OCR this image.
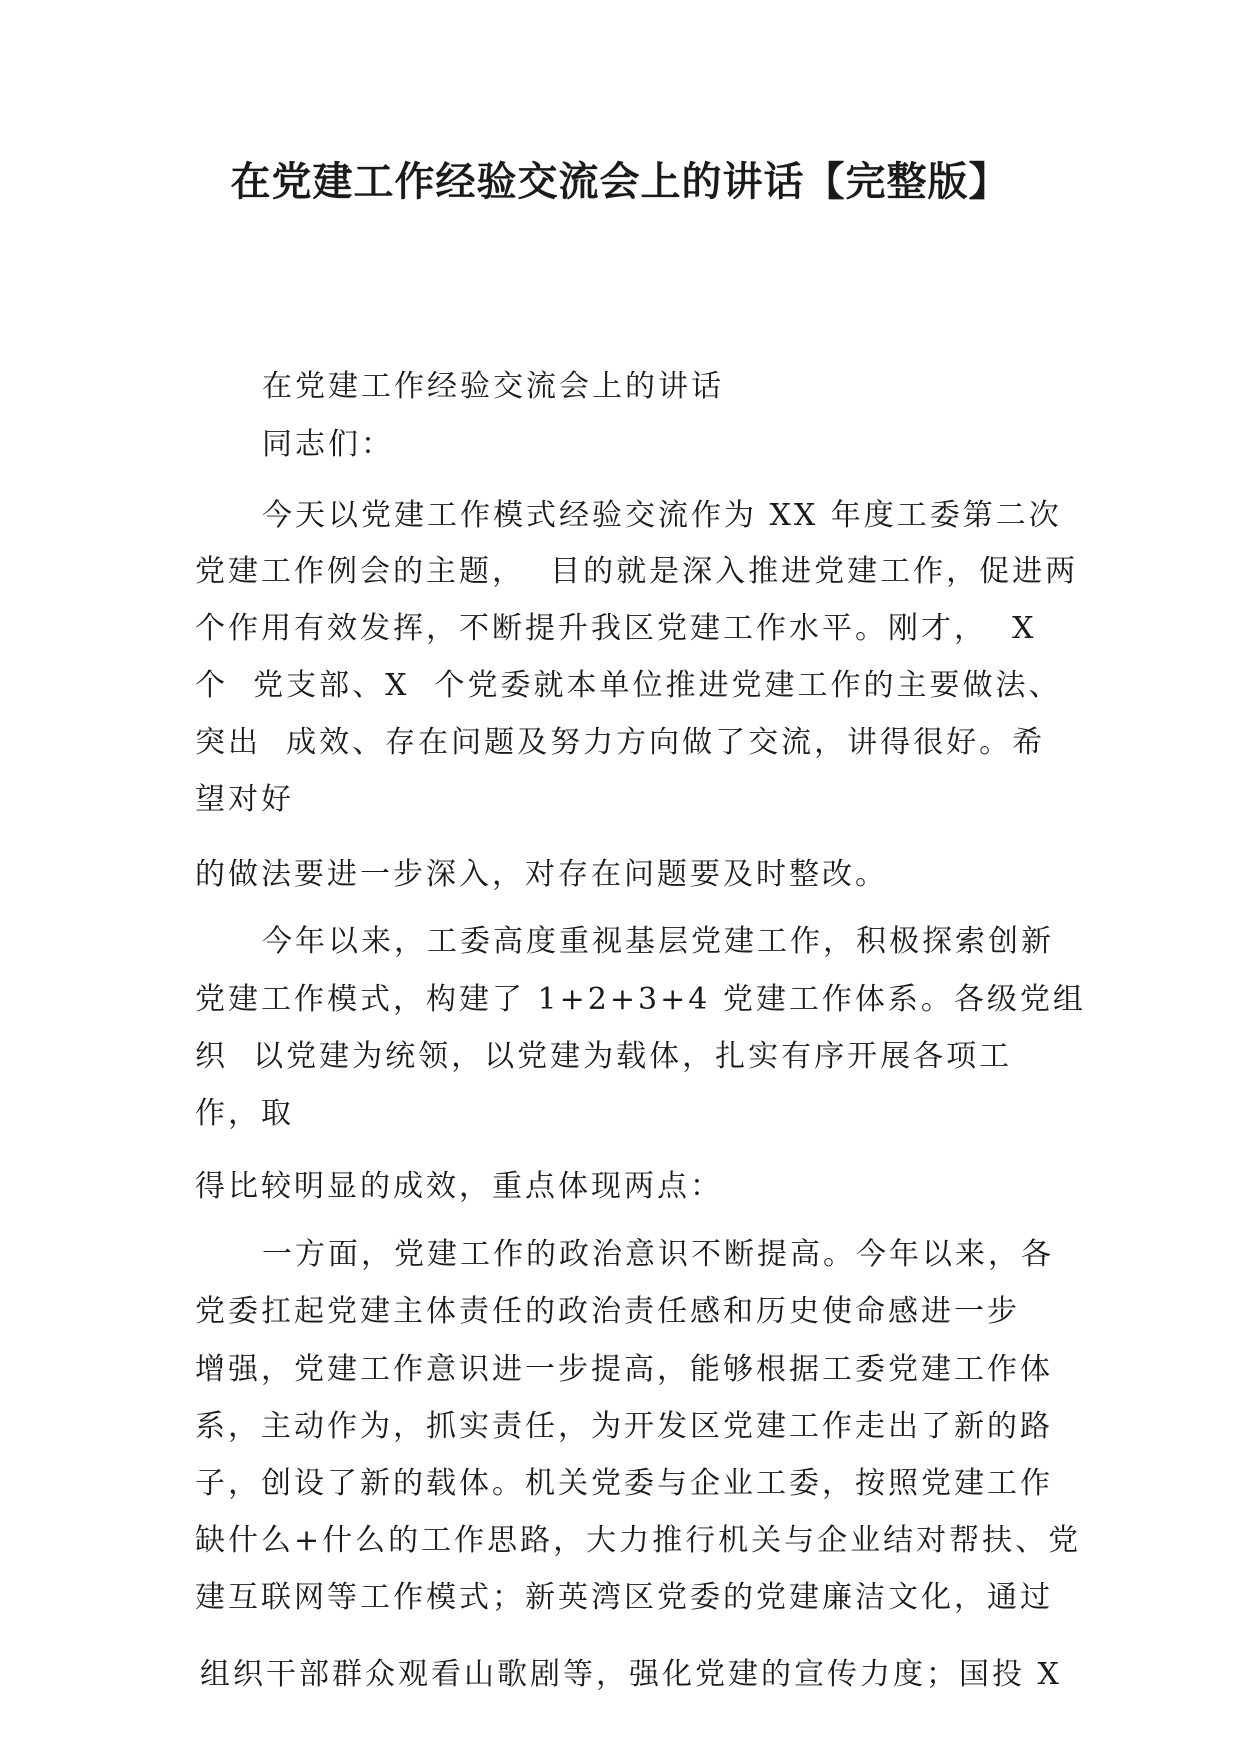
在党建工作经验交流会上的讲话【完整版】
在党建工作经验交流会上的讲话
同志们：
今天以党建工作模式经验交流作为 XX 年度工委第二次
党建工作例会的主题，  目的就是深入推进党建工作，促进两
个作用有效发挥，不断提升我区党建工作水平。刚才，  X
个  党支部、X  个党委就本单位推进党建工作的主要做法、
突出  成效、存在问题及努力方向做了交流，讲得很好。希
望对好
的做法要进一步深入，对存在问题要及时整改。
今年以来，工委高度重视基层党建工作，积极探索创新
党建工作模式，构建了 1+2+3+4 党建工作体系。各级党组
织  以党建为统领，以党建为载体，扎实有序开展各项工
作，取
得比较明显的成效，重点体现两点：
一方面，党建工作的政治意识不断提高。今年以来，各
党委扛起党建主体责任的政治责任感和历史使命感进一步
增强，党建工作意识进一步提高，能够根据工委党建工作体
系，主动作为，抓实责任，为开发区党建工作走出了新的路
子，创设了新的载体。机关党委与企业工委，按照党建工作
缺什么+什么的工作思路，大力推行机关与企业结对帮扶、党
建互联网等工作模式；新英湾区党委的党建廉洁文化，通过
组织干部群众观看山歌剧等，强化党建的宣传力度；国投 X
